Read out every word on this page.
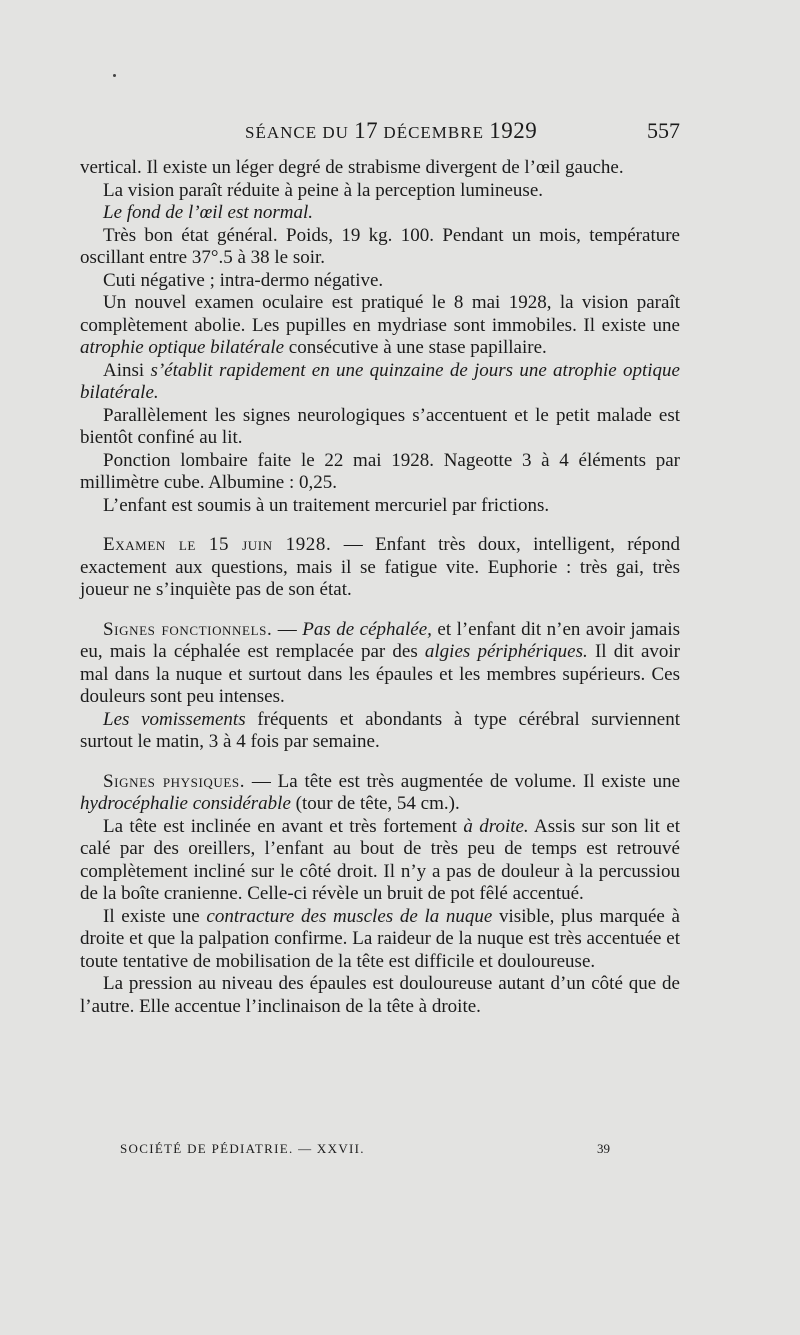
SÉANCE DU 17 DÉCEMBRE 1929	557

vertical. Il existe un léger degré de strabisme divergent de l’œil gauche.

La vision paraît réduite à peine à la perception lumineuse.

Le fond de l’œil est normal.

Très bon état général. Poids, 19 kg. 100. Pendant un mois, température oscillant entre 37°.5 à 38 le soir.

Cuti négative ; intra-dermo négative.

Un nouvel examen oculaire est pratiqué le 8 mai 1928, la vision paraît complètement abolie. Les pupilles en mydriase sont immobiles. Il existe une atrophie optique bilatérale consécutive à une stase papillaire.

Ainsi s’établit rapidement en une quinzaine de jours une atrophie optique bilatérale.

Parallèlement les signes neurologiques s’accentuent et le petit malade est bientôt confiné au lit.

Ponction lombaire faite le 22 mai 1928. Nageotte 3 à 4 éléments par millimètre cube. Albumine : 0,25.

L’enfant est soumis à un traitement mercuriel par frictions.

Examen le 15 juin 1928. — Enfant très doux, intelligent, répond exactement aux questions, mais il se fatigue vite. Euphorie : très gai, très joueur ne s’inquiète pas de son état.

Signes fonctionnels. — Pas de céphalée, et l’enfant dit n’en avoir jamais eu, mais la céphalée est remplacée par des algies périphériques. Il dit avoir mal dans la nuque et surtout dans les épaules et les membres supérieurs. Ces douleurs sont peu intenses.

Les vomissements fréquents et abondants à type cérébral surviennent surtout le matin, 3 à 4 fois par semaine.

Signes physiques. — La tête est très augmentée de volume. Il existe une hydrocéphalie considérable (tour de tête, 54 cm.).

La tête est inclinée en avant et très fortement à droite. Assis sur son lit et calé par des oreillers, l’enfant au bout de très peu de temps est retrouvé complètement incliné sur le côté droit. Il n’y a pas de douleur à la percussiou de la boîte cranienne. Celle-ci révèle un bruit de pot fêlé accentué.

Il existe une contracture des muscles de la nuque visible, plus marquée à droite et que la palpation confirme. La raideur de la nuque est très accentuée et toute tentative de mobilisation de la tête est difficile et douloureuse.

La pression au niveau des épaules est douloureuse autant d’un côté que de l’autre. Elle accentue l’inclinaison de la tête à droite.

SOCIÉTÉ DE PÉDIATRIE. — XXVII.	39
